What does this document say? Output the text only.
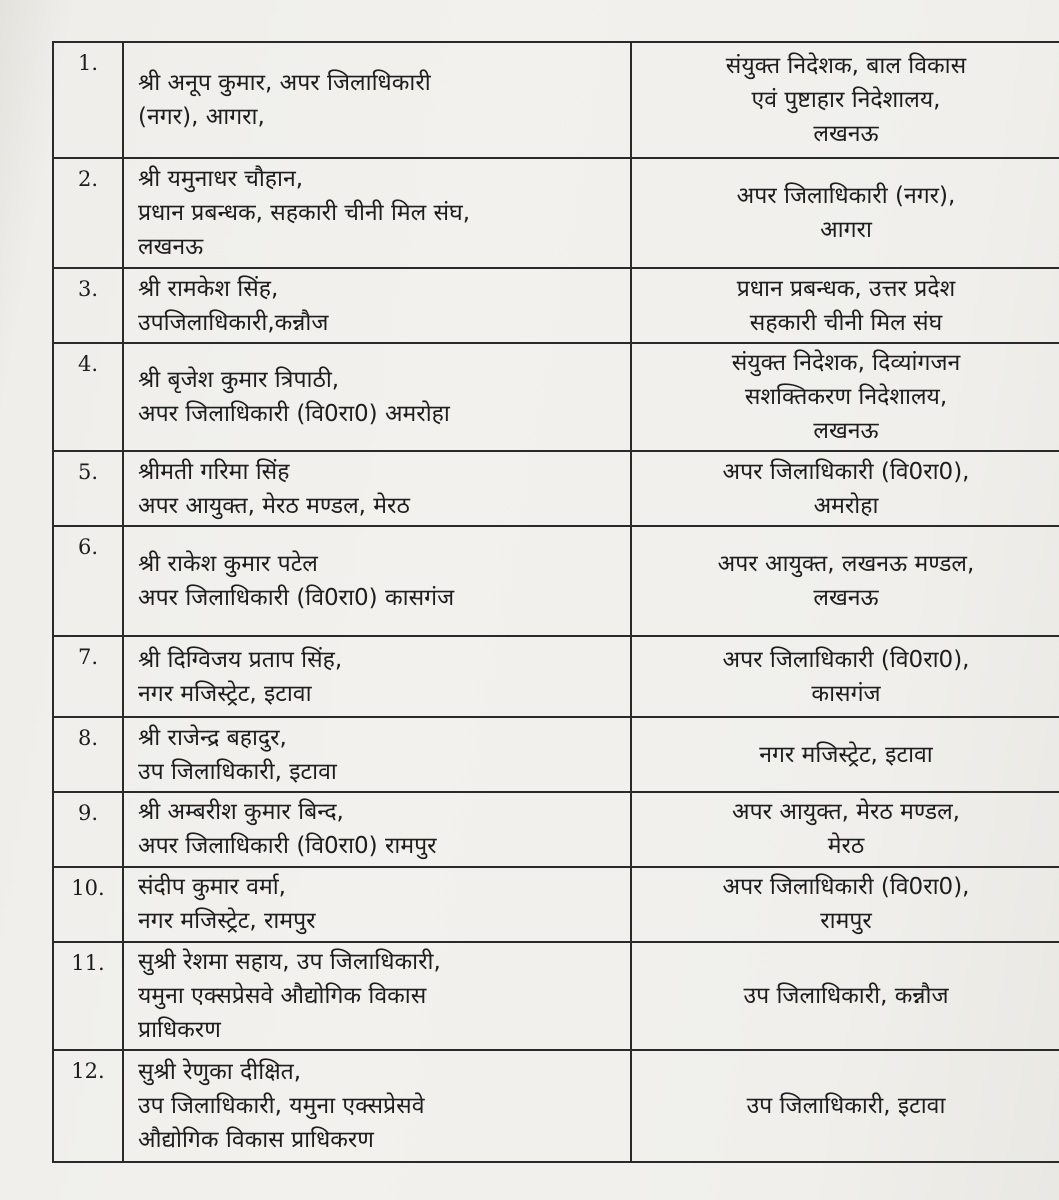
1.	श्री अनूप कुमार, अपर जिलाधिकारी
(नगर), आगरा,	संयुक्त निदेशक, बाल विकास
एवं पुष्टाहार निदेशालय,
लखनऊ

2.	श्री यमुनाधर चौहान,
प्रधान प्रबन्धक, सहकारी चीनी मिल संघ,
लखनऊ	अपर जिलाधिकारी (नगर),
आगरा

3.	श्री रामकेश सिंह,
उपजिलाधिकारी,कन्नौज	प्रधान प्रबन्धक, उत्तर प्रदेश
सहकारी चीनी मिल संघ

4.	श्री बृजेश कुमार त्रिपाठी,
अपर जिलाधिकारी (वि0रा0) अमरोहा	संयुक्त निदेशक, दिव्यांगजन
सशक्तिकरण निदेशालय,
लखनऊ

5.	श्रीमती गरिमा सिंह
अपर आयुक्त, मेरठ मण्डल, मेरठ	अपर जिलाधिकारी (वि0रा0),
अमरोहा

6.	श्री राकेश कुमार पटेल
अपर जिलाधिकारी (वि0रा0) कासगंज	अपर आयुक्त, लखनऊ मण्डल,
लखनऊ

7.	श्री दिग्विजय प्रताप सिंह,
नगर मजिस्ट्रेट, इटावा	अपर जिलाधिकारी (वि0रा0),
कासगंज

8.	श्री राजेन्द्र बहादुर,
उप जिलाधिकारी, इटावा	नगर मजिस्ट्रेट, इटावा

9.	श्री अम्बरीश कुमार बिन्द,
अपर जिलाधिकारी (वि0रा0) रामपुर	अपर आयुक्त, मेरठ मण्डल,
मेरठ

10.	संदीप कुमार वर्मा,
नगर मजिस्ट्रेट, रामपुर	अपर जिलाधिकारी (वि0रा0),
रामपुर

11.	सुश्री रेशमा सहाय, उप जिलाधिकारी,
यमुना एक्सप्रेसवे औद्योगिक विकास
प्राधिकरण	उप जिलाधिकारी, कन्नौज

12.	सुश्री रेणुका दीक्षित,
उप जिलाधिकारी, यमुना एक्सप्रेसवे
औद्योगिक विकास प्राधिकरण	उप जिलाधिकारी, इटावा
